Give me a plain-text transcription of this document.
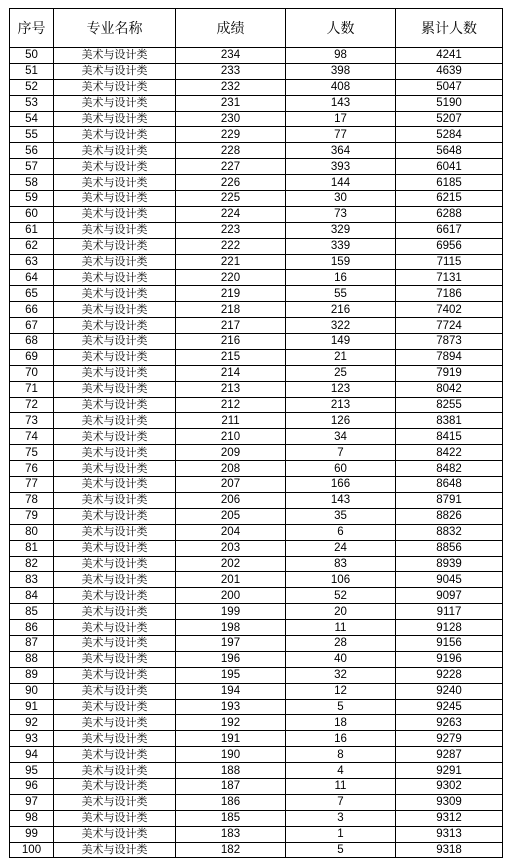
序号	专业名称	成绩	人数	累计人数
50	美术与设计类	234	98	4241
51	美术与设计类	233	398	4639
52	美术与设计类	232	408	5047
53	美术与设计类	231	143	5190
54	美术与设计类	230	17	5207
55	美术与设计类	229	77	5284
56	美术与设计类	228	364	5648
57	美术与设计类	227	393	6041
58	美术与设计类	226	144	6185
59	美术与设计类	225	30	6215
60	美术与设计类	224	73	6288
61	美术与设计类	223	329	6617
62	美术与设计类	222	339	6956
63	美术与设计类	221	159	7115
64	美术与设计类	220	16	7131
65	美术与设计类	219	55	7186
66	美术与设计类	218	216	7402
67	美术与设计类	217	322	7724
68	美术与设计类	216	149	7873
69	美术与设计类	215	21	7894
70	美术与设计类	214	25	7919
71	美术与设计类	213	123	8042
72	美术与设计类	212	213	8255
73	美术与设计类	211	126	8381
74	美术与设计类	210	34	8415
75	美术与设计类	209	7	8422
76	美术与设计类	208	60	8482
77	美术与设计类	207	166	8648
78	美术与设计类	206	143	8791
79	美术与设计类	205	35	8826
80	美术与设计类	204	6	8832
81	美术与设计类	203	24	8856
82	美术与设计类	202	83	8939
83	美术与设计类	201	106	9045
84	美术与设计类	200	52	9097
85	美术与设计类	199	20	9117
86	美术与设计类	198	11	9128
87	美术与设计类	197	28	9156
88	美术与设计类	196	40	9196
89	美术与设计类	195	32	9228
90	美术与设计类	194	12	9240
91	美术与设计类	193	5	9245
92	美术与设计类	192	18	9263
93	美术与设计类	191	16	9279
94	美术与设计类	190	8	9287
95	美术与设计类	188	4	9291
96	美术与设计类	187	11	9302
97	美术与设计类	186	7	9309
98	美术与设计类	185	3	9312
99	美术与设计类	183	1	9313
100	美术与设计类	182	5	9318
